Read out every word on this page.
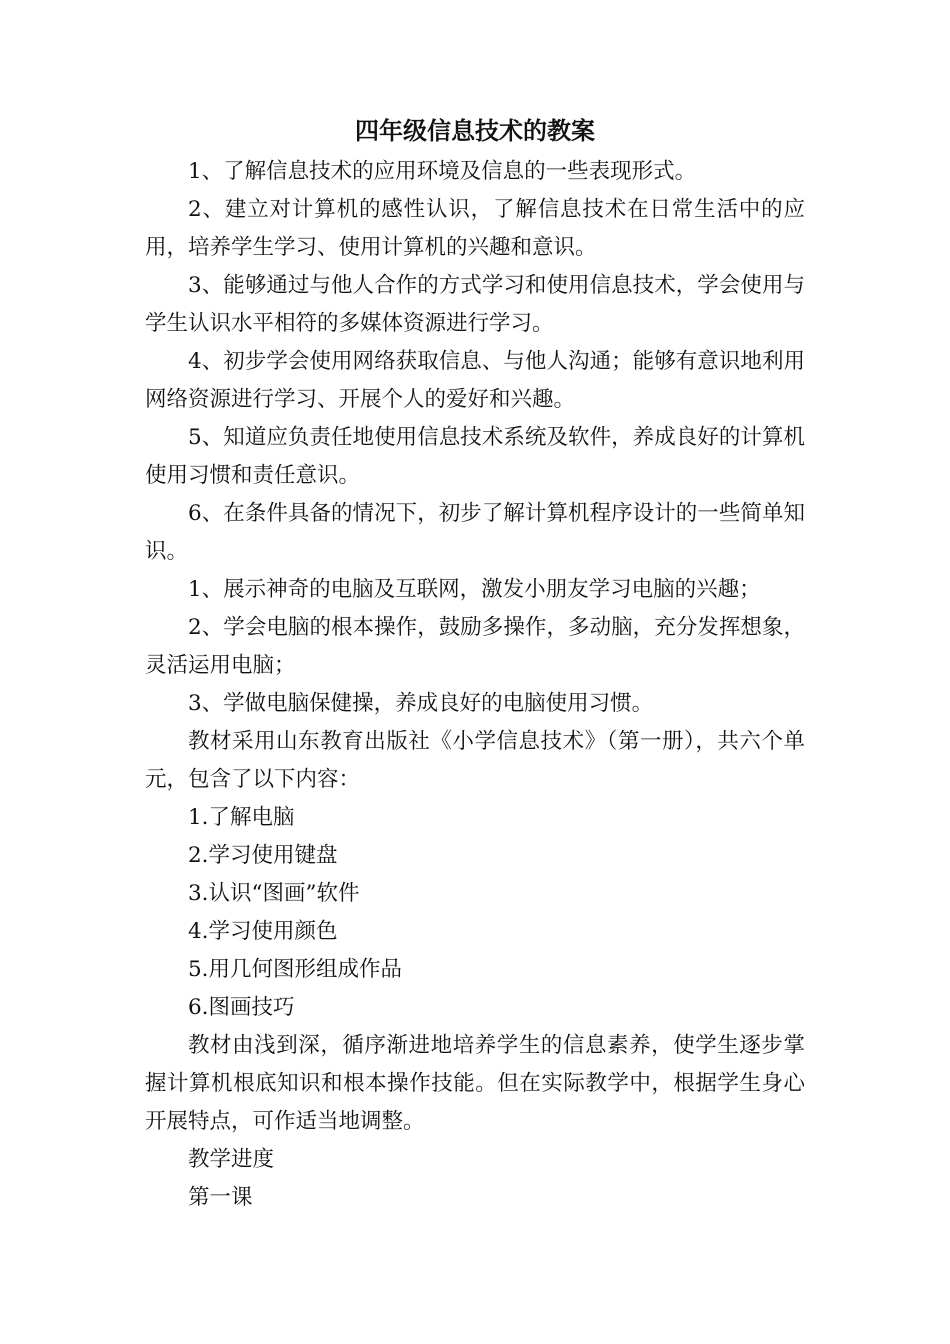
四年级信息技术的教案

1、了解信息技术的应用环境及信息的一些表现形式。

2、建立对计算机的感性认识，了解信息技术在日常生活中的应用，培养学生学习、使用计算机的兴趣和意识。

3、能够通过与他人合作的方式学习和使用信息技术，学会使用与学生认识水平相符的多媒体资源进行学习。

4、初步学会使用网络获取信息、与他人沟通；能够有意识地利用网络资源进行学习、开展个人的爱好和兴趣。

5、知道应负责任地使用信息技术系统及软件，养成良好的计算机使用习惯和责任意识。

6、在条件具备的情况下，初步了解计算机程序设计的一些简单知识。

1、展示神奇的电脑及互联网，激发小朋友学习电脑的兴趣；

2、学会电脑的根本操作，鼓励多操作，多动脑，充分发挥想象，灵活运用电脑；

3、学做电脑保健操，养成良好的电脑使用习惯。

教材采用山东教育出版社《小学信息技术》（第一册），共六个单元，包含了以下内容：

1.了解电脑

2.学习使用键盘

3.认识“图画”软件

4.学习使用颜色

5.用几何图形组成作品

6.图画技巧

教材由浅到深，循序渐进地培养学生的信息素养，使学生逐步掌握计算机根底知识和根本操作技能。但在实际教学中，根据学生身心开展特点，可作适当地调整。

教学进度

第一课
